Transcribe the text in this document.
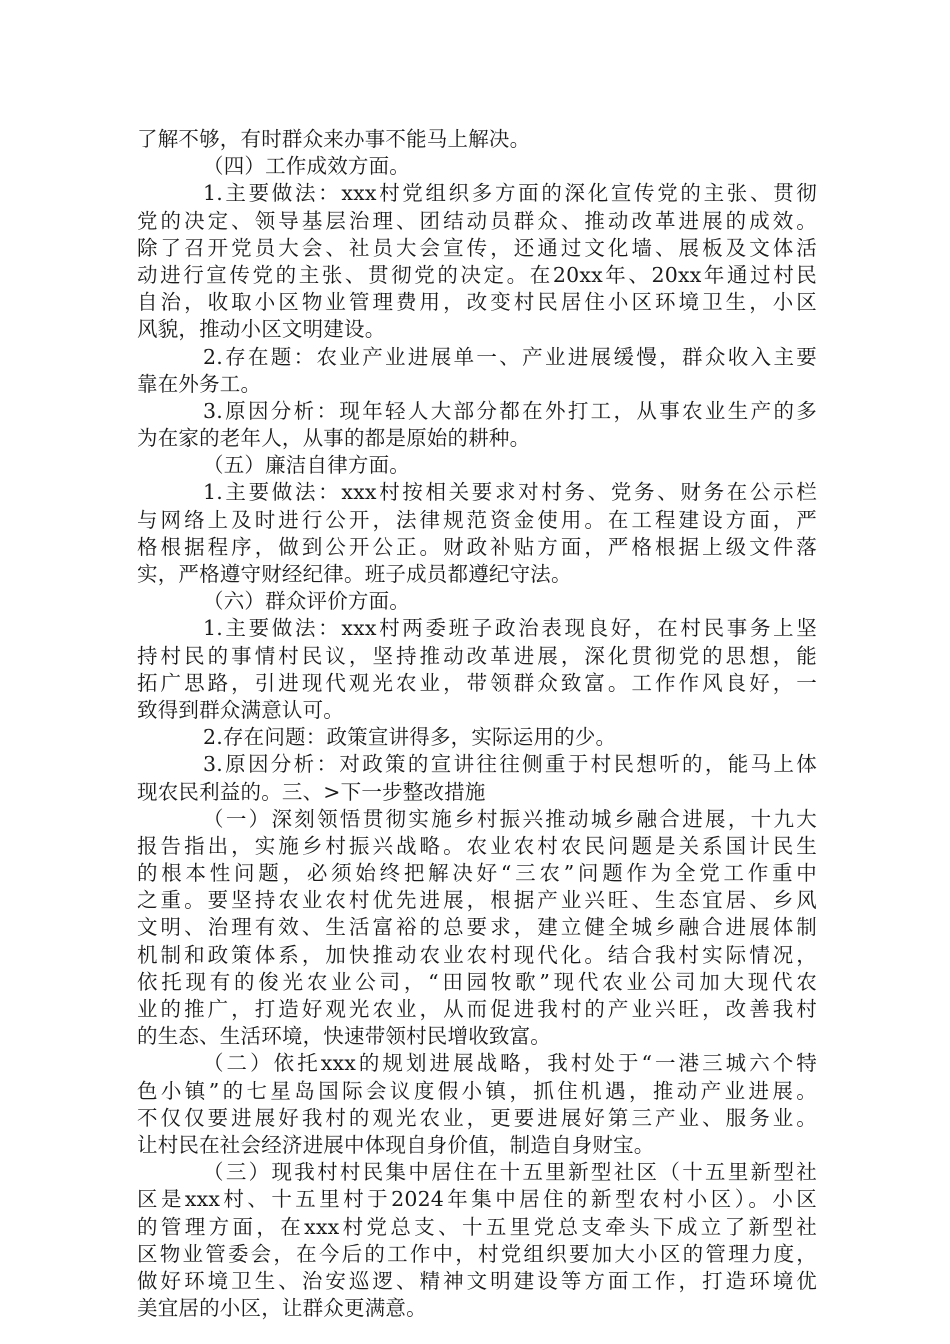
了解不够，有时群众来办事不能马上解决。
（四）工作成效方面。
1.主要做法：xxx村党组织多方面的深化宣传党的主张、贯彻
党的决定、领导基层治理、团结动员群众、推动改革进展的成效。
除了召开党员大会、社员大会宣传，还通过文化墙、展板及文体活
动进行宣传党的主张、贯彻党的决定。在20xx年、20xx年通过村民
自治，收取小区物业管理费用，改变村民居住小区环境卫生，小区
风貌，推动小区文明建设。
2.存在题：农业产业进展单一、产业进展缓慢，群众收入主要
靠在外务工。
3.原因分析：现年轻人大部分都在外打工，从事农业生产的多
为在家的老年人，从事的都是原始的耕种。
（五）廉洁自律方面。
1.主要做法：xxx村按相关要求对村务、党务、财务在公示栏
与网络上及时进行公开，法律规范资金使用。在工程建设方面，严
格根据程序，做到公开公正。财政补贴方面，严格根据上级文件落
实，严格遵守财经纪律。班子成员都遵纪守法。
（六）群众评价方面。
1.主要做法：xxx村两委班子政治表现良好，在村民事务上坚
持村民的事情村民议，坚持推动改革进展，深化贯彻党的思想，能
拓广思路，引进现代观光农业，带领群众致富。工作作风良好，一
致得到群众满意认可。
2.存在问题：政策宣讲得多，实际运用的少。
3.原因分析：对政策的宣讲往往侧重于村民想听的，能马上体
现农民利益的。三、>下一步整改措施
（一）深刻领悟贯彻实施乡村振兴推动城乡融合进展，十九大
报告指出，实施乡村振兴战略。农业农村农民问题是关系国计民生
的根本性问题，必须始终把解决好“三农”问题作为全党工作重中
之重。要坚持农业农村优先进展，根据产业兴旺、生态宜居、乡风
文明、治理有效、生活富裕的总要求，建立健全城乡融合进展体制
机制和政策体系，加快推动农业农村现代化。结合我村实际情况，
依托现有的俊光农业公司，“田园牧歌”现代农业公司加大现代农
业的推广，打造好观光农业，从而促进我村的产业兴旺，改善我村
的生态、生活环境，快速带领村民增收致富。
（二）依托xxx的规划进展战略，我村处于“一港三城六个特
色小镇”的七星岛国际会议度假小镇，抓住机遇，推动产业进展。
不仅仅要进展好我村的观光农业，更要进展好第三产业、服务业。
让村民在社会经济进展中体现自身价值，制造自身财宝。
（三）现我村村民集中居住在十五里新型社区（十五里新型社
区是xxx村、十五里村于2024年集中居住的新型农村小区）。小区
的管理方面，在xxx村党总支、十五里党总支牵头下成立了新型社
区物业管委会，在今后的工作中，村党组织要加大小区的管理力度，
做好环境卫生、治安巡逻、精神文明建设等方面工作，打造环境优
美宜居的小区，让群众更满意。
